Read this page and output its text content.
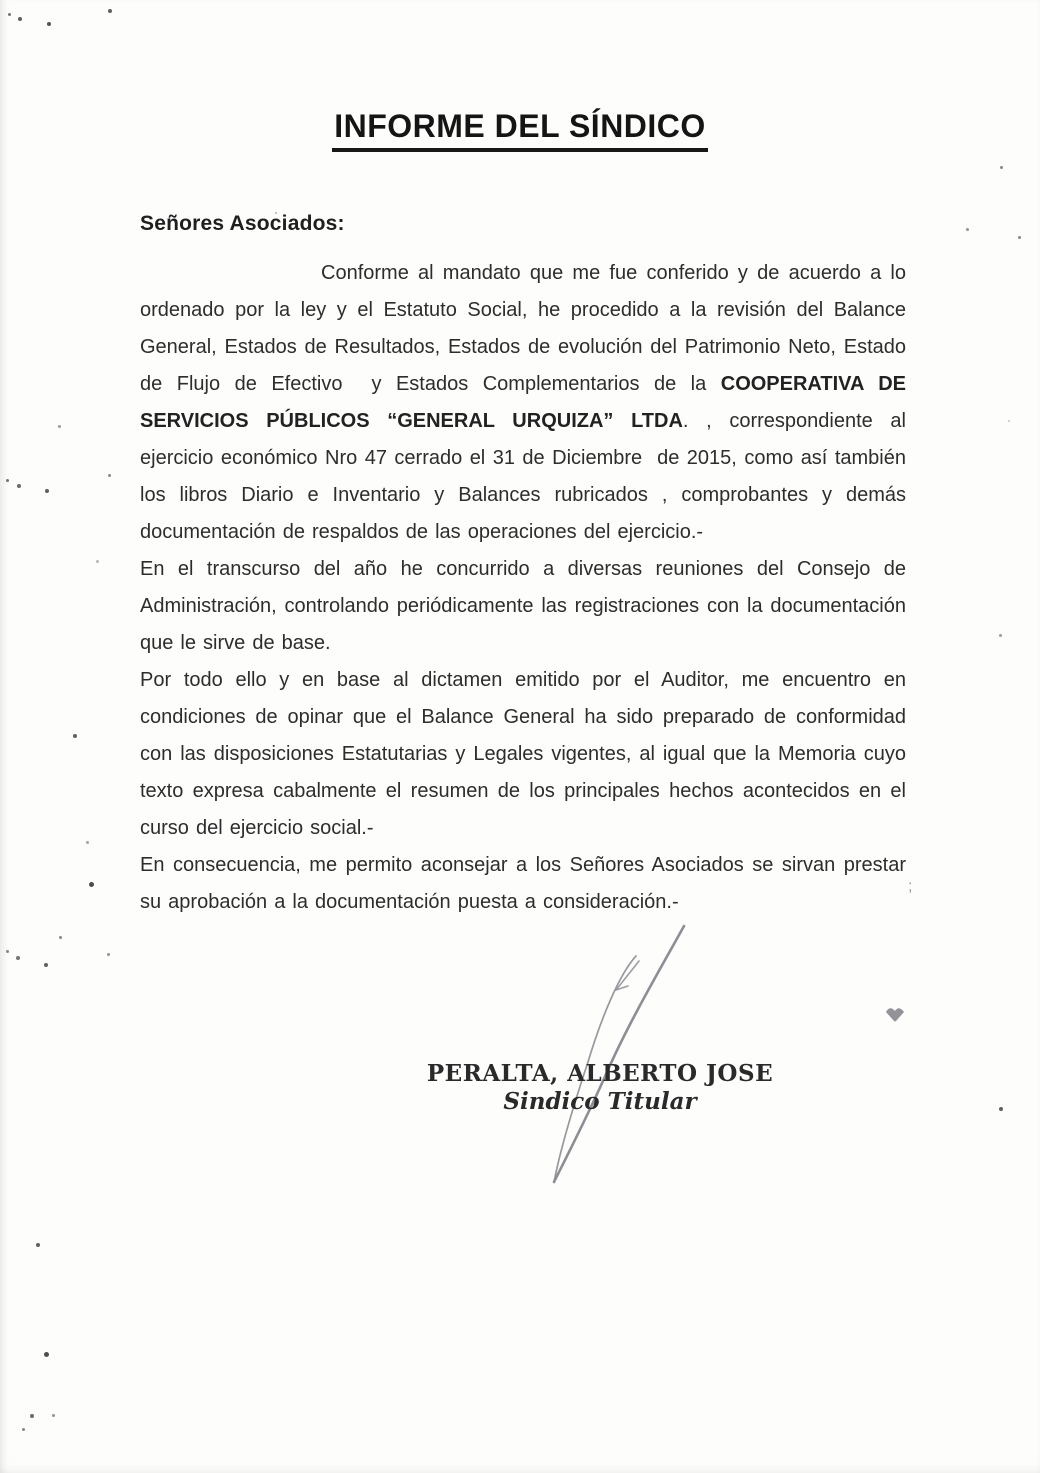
INFORME DEL SÍNDICO
Señores Asociados:

Conforme al mandato que me fue conferido y de acuerdo a lo ordenado por la ley y el Estatuto Social, he procedido a la revisión del Balance General, Estados de Resultados, Estados de evolución del Patrimonio Neto, Estado de Flujo de Efectivo  y Estados Complementarios de la COOPERATIVA DE SERVICIOS PÚBLICOS “GENERAL URQUIZA” LTDA. , correspondiente al ejercicio económico Nro 47 cerrado el 31 de Diciembre  de 2015, como así también los libros Diario e Inventario y Balances rubricados , comprobantes y demás documentación de respaldos de las operaciones del ejercicio.-

En el transcurso del año he concurrido a diversas reuniones del Consejo de Administración, controlando periódicamente las registraciones con la documentación que le sirve de base.

Por todo ello y en base al dictamen emitido por el Auditor, me encuentro en condiciones de opinar que el Balance General ha sido preparado de conformidad con las disposiciones Estatutarias y Legales vigentes, al igual que la Memoria cuyo texto expresa cabalmente el resumen de los principales hechos acontecidos en el curso del ejercicio social.-

En consecuencia, me permito aconsejar a los Señores Asociados se sirvan prestar su aprobación a la documentación puesta a consideración.-

;
PERALTA, ALBERTO JOSE
Sindico Titular
